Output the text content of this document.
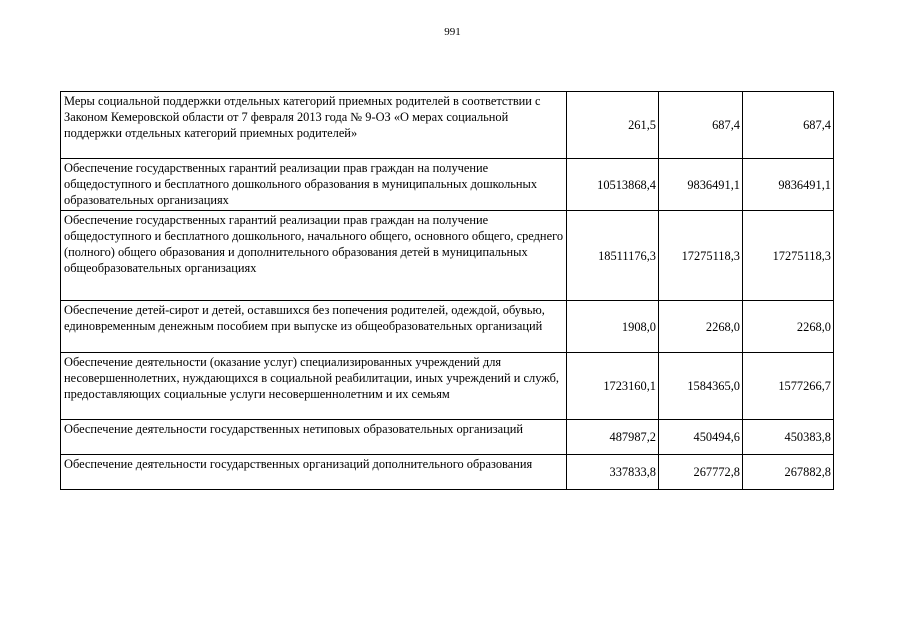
991
Меры социальной поддержки отдельных категорий приемных родителей в соответствии с Законом Кемеровской области от 7 февраля 2013 года № 9-ОЗ «О мерах социальной поддержки отдельных категорий приемных родителей»	261,5	687,4	687,4
Обеспечение государственных гарантий реализации прав граждан на получение общедоступного и бесплатного дошкольного образования в муниципальных дошкольных образовательных организациях	10513868,4	9836491,1	9836491,1
Обеспечение государственных гарантий реализации прав граждан на получение общедоступного и бесплатного дошкольного, начального общего, основного общего, среднего (полного) общего образования и дополнительного образования детей в муниципальных общеобразовательных организациях	18511176,3	17275118,3	17275118,3
Обеспечение детей-сирот и детей, оставшихся без попечения родителей, одеждой, обувью, единовременным денежным пособием при выпуске из общеобразовательных организаций	1908,0	2268,0	2268,0
Обеспечение деятельности (оказание услуг) специализированных учреждений для несовершеннолетних, нуждающихся в социальной реабилитации, иных учреждений и служб, предоставляющих социальные услуги несовершеннолетним и их семьям	1723160,1	1584365,0	1577266,7
Обеспечение деятельности государственных нетиповых образовательных организаций	487987,2	450494,6	450383,8
Обеспечение деятельности государственных организаций дополнительного образования	337833,8	267772,8	267882,8
